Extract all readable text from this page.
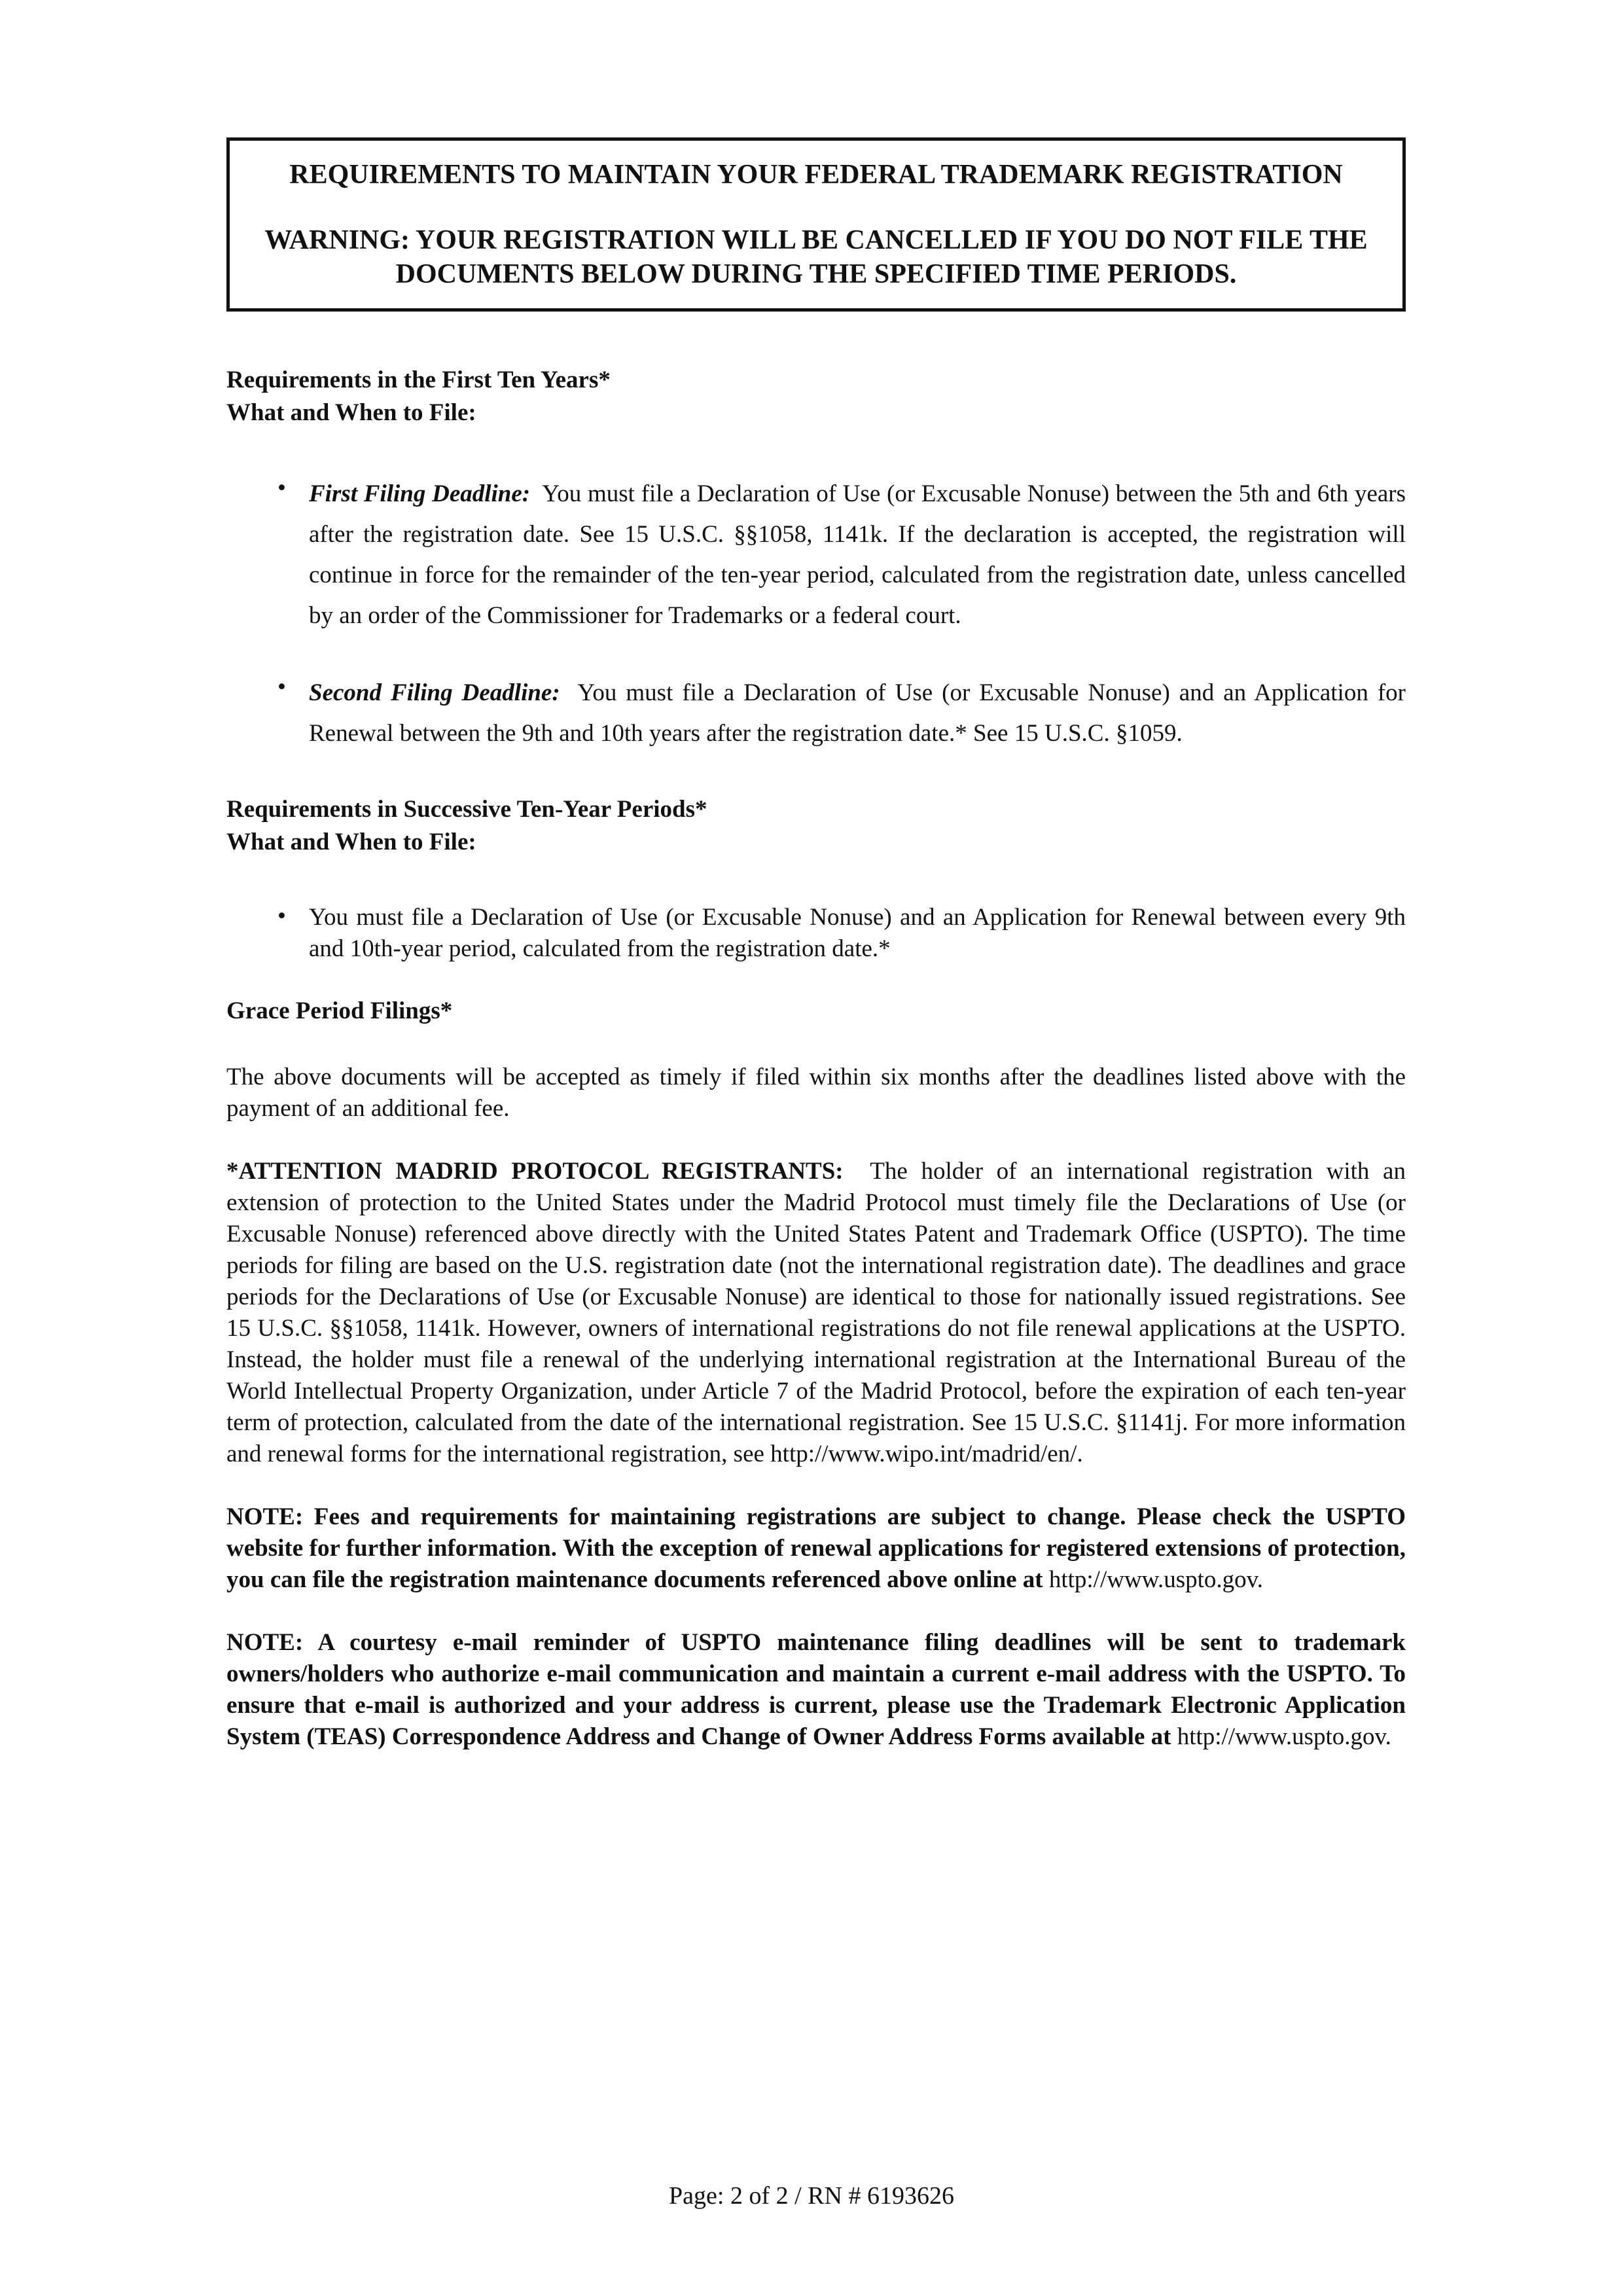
REQUIREMENTS TO MAINTAIN YOUR FEDERAL TRADEMARK REGISTRATION

WARNING: YOUR REGISTRATION WILL BE CANCELLED IF YOU DO NOT FILE THE DOCUMENTS BELOW DURING THE SPECIFIED TIME PERIODS.

Requirements in the First Ten Years*

What and When to File:

• First Filing Deadline: You must file a Declaration of Use (or Excusable Nonuse) between the 5th and 6th years after the registration date. See 15 U.S.C. §§1058, 1141k. If the declaration is accepted, the registration will continue in force for the remainder of the ten-year period, calculated from the registration date, unless cancelled by an order of the Commissioner for Trademarks or a federal court.

• Second Filing Deadline: You must file a Declaration of Use (or Excusable Nonuse) and an Application for Renewal between the 9th and 10th years after the registration date.* See 15 U.S.C. §1059.

Requirements in Successive Ten-Year Periods*

What and When to File:

• You must file a Declaration of Use (or Excusable Nonuse) and an Application for Renewal between every 9th and 10th-year period, calculated from the registration date.*

Grace Period Filings*

The above documents will be accepted as timely if filed within six months after the deadlines listed above with the payment of an additional fee.

*ATTENTION MADRID PROTOCOL REGISTRANTS: The holder of an international registration with an extension of protection to the United States under the Madrid Protocol must timely file the Declarations of Use (or Excusable Nonuse) referenced above directly with the United States Patent and Trademark Office (USPTO). The time periods for filing are based on the U.S. registration date (not the international registration date). The deadlines and grace periods for the Declarations of Use (or Excusable Nonuse) are identical to those for nationally issued registrations. See 15 U.S.C. §§1058, 1141k. However, owners of international registrations do not file renewal applications at the USPTO. Instead, the holder must file a renewal of the underlying international registration at the International Bureau of the World Intellectual Property Organization, under Article 7 of the Madrid Protocol, before the expiration of each ten-year term of protection, calculated from the date of the international registration. See 15 U.S.C. §1141j. For more information and renewal forms for the international registration, see http://www.wipo.int/madrid/en/.

NOTE: Fees and requirements for maintaining registrations are subject to change. Please check the USPTO website for further information. With the exception of renewal applications for registered extensions of protection, you can file the registration maintenance documents referenced above online at http://www.uspto.gov.

NOTE: A courtesy e-mail reminder of USPTO maintenance filing deadlines will be sent to trademark owners/holders who authorize e-mail communication and maintain a current e-mail address with the USPTO. To ensure that e-mail is authorized and your address is current, please use the Trademark Electronic Application System (TEAS) Correspondence Address and Change of Owner Address Forms available at http://www.uspto.gov.

Page: 2 of 2 / RN # 6193626
